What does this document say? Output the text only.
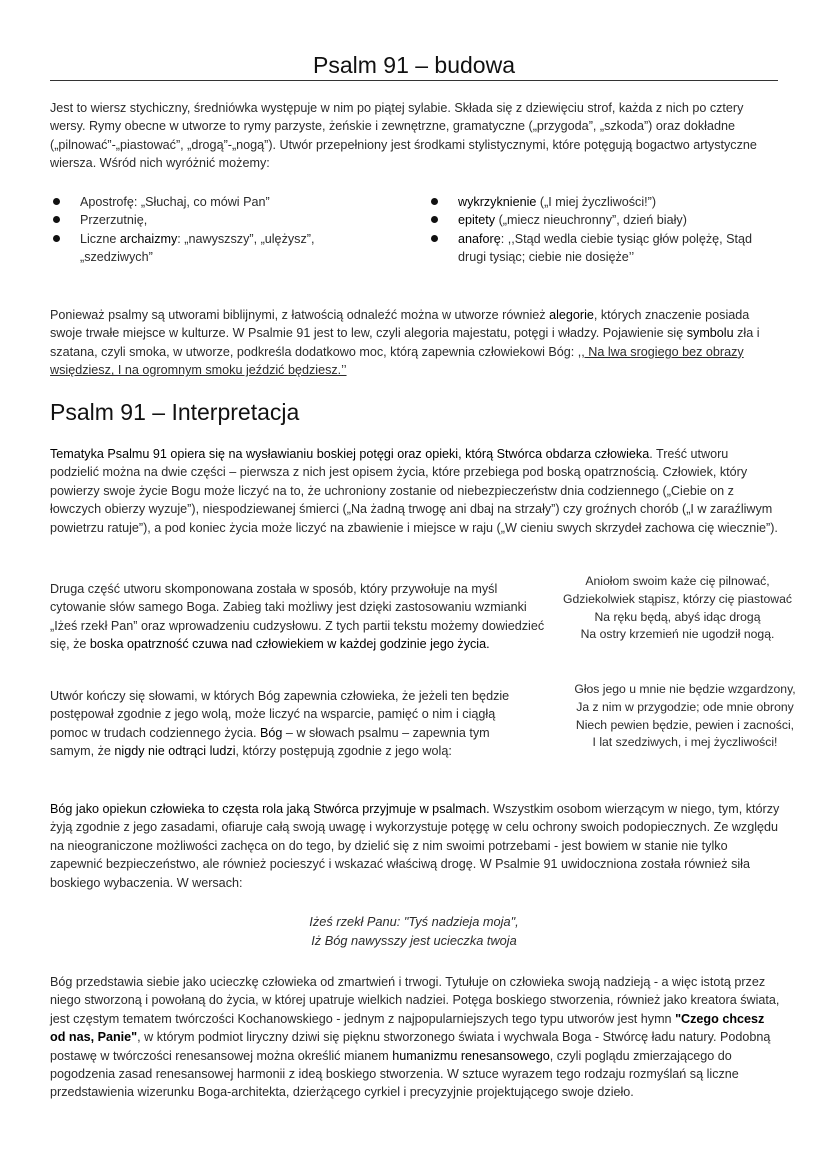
Psalm 91 – budowa

Jest to wiersz stychiczny, średniówka występuje w nim po piątej sylabie. Składa się z dziewięciu strof, każda z nich po cztery wersy. Rymy obecne w utworze to rymy parzyste, żeńskie i zewnętrzne, gramatyczne („przygoda”, „szkoda”) oraz dokładne („pilnować”-„piastować”, „drogą”-„nogą”). Utwór przepełniony jest środkami stylistycznymi, które potęgują bogactwo artystyczne wiersza. Wśród nich wyróżnić możemy:

Apostrofę: „Słuchaj, co mówi Pan”
Przerzutnię,
Liczne archaizmy: „nawyszszy”, „ulężysz”, „szedziwych”
wykrzyknienie („I miej życzliwości!”)
epitety („miecz nieuchronny”, dzień biały)
anaforę: ,,Stąd wedla ciebie tysiąc głów polężę, Stąd drugi tysiąc; ciebie nie dosięże’’

Ponieważ psalmy są utworami biblijnymi, z łatwością odnaleźć można w utworze również alegorie, których znaczenie posiada swoje trwałe miejsce w kulturze. W Psalmie 91 jest to lew, czyli alegoria majestatu, potęgi i władzy. Pojawienie się symbolu zła i szatana, czyli smoka, w utworze, podkreśla dodatkowo moc, którą zapewnia człowiekowi Bóg: ,, Na lwa srogiego bez obrazy wsiędziesz, I na ogromnym smoku jeździć będziesz.’’

Psalm 91 – Interpretacja

Tematyka Psalmu 91 opiera się na wysławianiu boskiej potęgi oraz opieki, którą Stwórca obdarza człowieka. Treść utworu podzielić można na dwie części – pierwsza z nich jest opisem życia, które przebiega pod boską opatrznością. Człowiek, który powierzy swoje życie Bogu może liczyć na to, że uchroniony zostanie od niebezpieczeństw dnia codziennego („Ciebie on z łowczych obierzy wyzuje”), niespodziewanej śmierci („Na żadną trwogę ani dbaj na strzały”) czy groźnych chorób („I w zaraźliwym powietrzu ratuje”), a pod koniec życia może liczyć na zbawienie i miejsce w raju („W cieniu swych skrzydeł zachowa cię wiecznie”).

Druga część utworu skomponowana została w sposób, który przywołuje na myśl cytowanie słów samego Boga. Zabieg taki możliwy jest dzięki zastosowaniu wzmianki „Iżeś rzekł Pan” oraz wprowadzeniu cudzysłowu. Z tych partii tekstu możemy dowiedzieć się, że boska opatrzność czuwa nad człowiekiem w każdej godzinie jego życia.

Aniołom swoim każe cię pilnować,
Gdziekolwiek stąpisz, którzy cię piastować
Na ręku będą, abyś idąc drogą
Na ostry krzemień nie ugodził nogą.

Utwór kończy się słowami, w których Bóg zapewnia człowieka, że jeżeli ten będzie postępował zgodnie z jego wolą, może liczyć na wsparcie, pamięć o nim i ciągłą pomoc w trudach codziennego życia. Bóg – w słowach psalmu – zapewnia tym samym, że nigdy nie odtrąci ludzi, którzy postępują zgodnie z jego wolą:

Głos jego u mnie nie będzie wzgardzony,
Ja z nim w przygodzie; ode mnie obrony
Niech pewien będzie, pewien i zacności,
I lat szedziwych, i mej życzliwości!

Bóg jako opiekun człowieka to częsta rola jaką Stwórca przyjmuje w psalmach. Wszystkim osobom wierzącym w niego, tym, którzy żyją zgodnie z jego zasadami, ofiaruje całą swoją uwagę i wykorzystuje potęgę w celu ochrony swoich podopiecznych. Ze względu na nieograniczone możliwości zachęca on do tego, by dzielić się z nim swoimi potrzebami - jest bowiem w stanie nie tylko zapewnić bezpieczeństwo, ale również pocieszyć i wskazać właściwą drogę. W Psalmie 91 uwidoczniona została również siła boskiego wybaczenia. W wersach:

Iżeś rzekł Panu: "Tyś nadzieja moja",
Iż Bóg nawysszy jest ucieczka twoja

Bóg przedstawia siebie jako ucieczkę człowieka od zmartwień i trwogi. Tytułuje on człowieka swoją nadzieją - a więc istotą przez niego stworzoną i powołaną do życia, w której upatruje wielkich nadziei. Potęga boskiego stworzenia, również jako kreatora świata, jest częstym tematem twórczości Kochanowskiego - jednym z najpopularniejszych tego typu utworów jest hymn "Czego chcesz od nas, Panie", w którym podmiot liryczny dziwi się pięknu stworzonego świata i wychwala Boga - Stwórcę ładu natury. Podobną postawę w twórczości renesansowej można określić mianem humanizmu renesansowego, czyli poglądu zmierzającego do pogodzenia zasad renesansowej harmonii z ideą boskiego stworzenia. W sztuce wyrazem tego rodzaju rozmyślań są liczne przedstawienia wizerunku Boga-architekta, dzierżącego cyrkiel i precyzyjnie projektującego swoje dzieło.
